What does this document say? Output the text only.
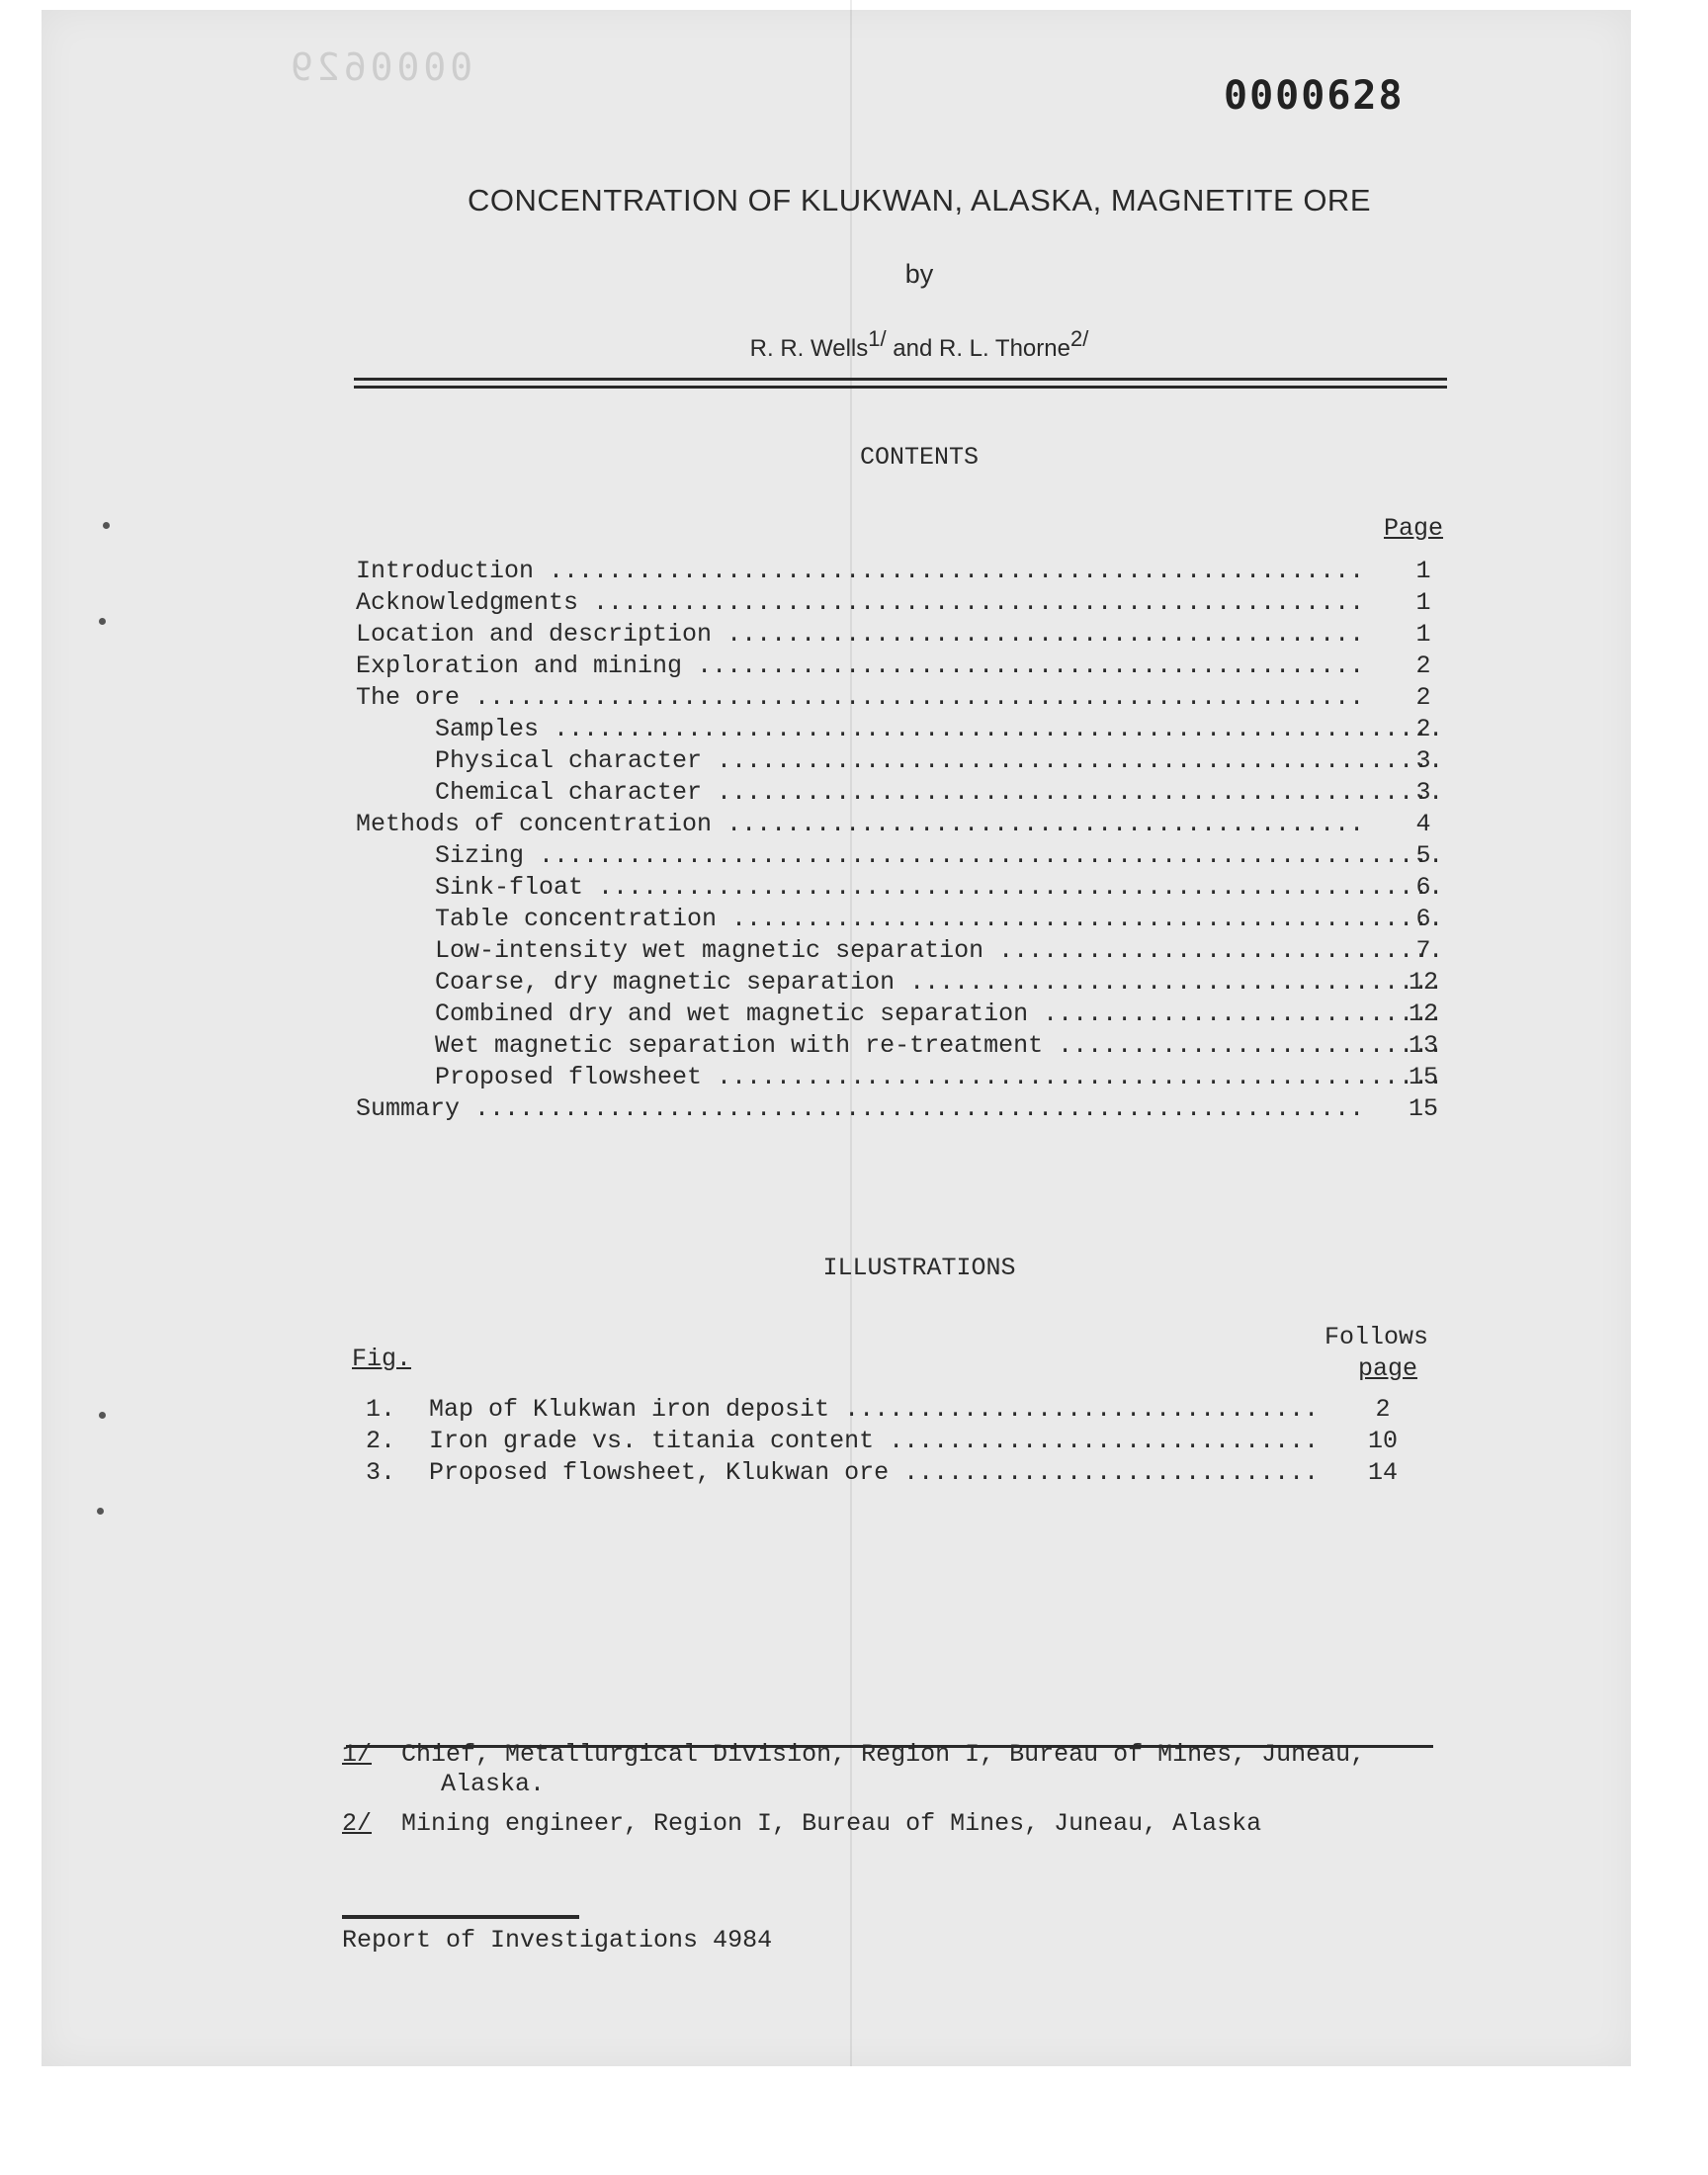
0000629
0000628
CONCENTRATION OF KLUKWAN, ALASKA, MAGNETITE ORE
by
R. R. Wells$^{1/}$ and R. L. Thorne$^{2/}$
CONTENTS
Page
Introduction .....	1
Acknowledgments .....	1
Location and description .....	1
Exploration and mining .....	2
The ore .....	2
Samples .....	2
Physical character .....	3
Chemical character .....	3
Methods of concentration .....	4
Sizing .....	5
Sink-float .....	6
Table concentration .....	6
Low-intensity wet magnetic separation .....	7
Coarse, dry magnetic separation .....	12
Combined dry and wet magnetic separation .....	12
Wet magnetic separation with re-treatment .....	13
Proposed flowsheet .....	15
Summary .....	15
ILLUSTRATIONS
Fig.
Follows
page
1.	Map of Klukwan iron deposit .....	2
2.	Iron grade vs. titania content .....	10
3.	Proposed flowsheet, Klukwan ore .....	14
1/ Chief, Metallurgical Division, Region I, Bureau of Mines, Juneau,
Alaska.
2/ Mining engineer, Region I, Bureau of Mines, Juneau, Alaska
Report of Investigations 4984
